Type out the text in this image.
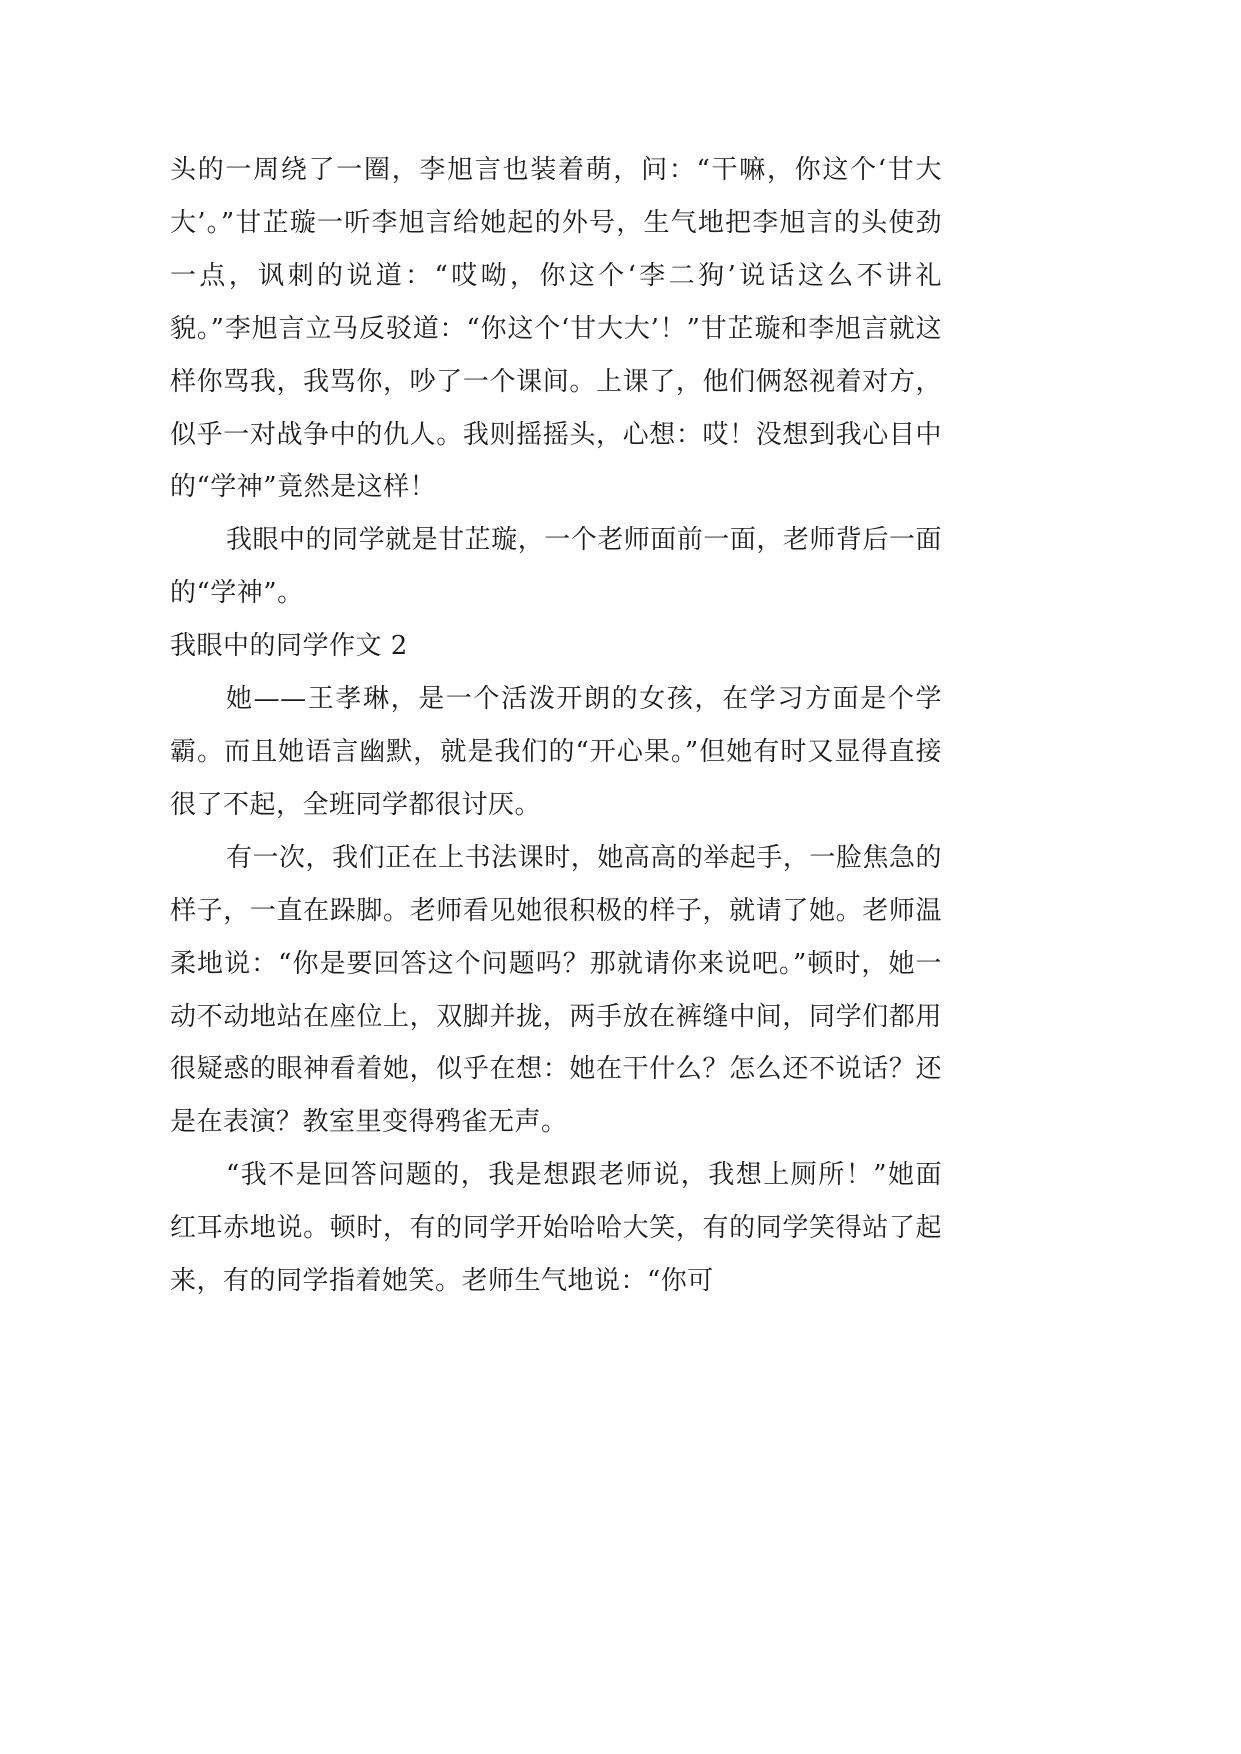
头的一周绕了一圈，李旭言也装着萌，问：“干嘛，你这个‘甘大大’。”甘芷璇一听李旭言给她起的外号，生气地把李旭言的头使劲一点，讽刺的说道：“哎呦，你这个‘李二狗’说话这么不讲礼貌。”李旭言立马反驳道：“你这个‘甘大大’！”甘芷璇和李旭言就这样你骂我，我骂你，吵了一个课间。上课了，他们俩怒视着对方，似乎一对战争中的仇人。我则摇摇头，心想：哎！没想到我心目中的“学神”竟然是这样！

我眼中的同学就是甘芷璇，一个老师面前一面，老师背后一面的“学神”。

我眼中的同学作文 2

她——王孝琳，是一个活泼开朗的女孩，在学习方面是个学霸。而且她语言幽默，就是我们的“开心果。”但她有时又显得直接很了不起，全班同学都很讨厌。

有一次，我们正在上书法课时，她高高的举起手，一脸焦急的样子，一直在跺脚。老师看见她很积极的样子，就请了她。老师温柔地说：“你是要回答这个问题吗？那就请你来说吧。”顿时，她一动不动地站在座位上，双脚并拢，两手放在裤缝中间，同学们都用很疑惑的眼神看着她，似乎在想：她在干什么？怎么还不说话？还是在表演？教室里变得鸦雀无声。

“我不是回答问题的，我是想跟老师说，我想上厕所！”她面红耳赤地说。顿时，有的同学开始哈哈大笑，有的同学笑得站了起来，有的同学指着她笑。老师生气地说：“你可
